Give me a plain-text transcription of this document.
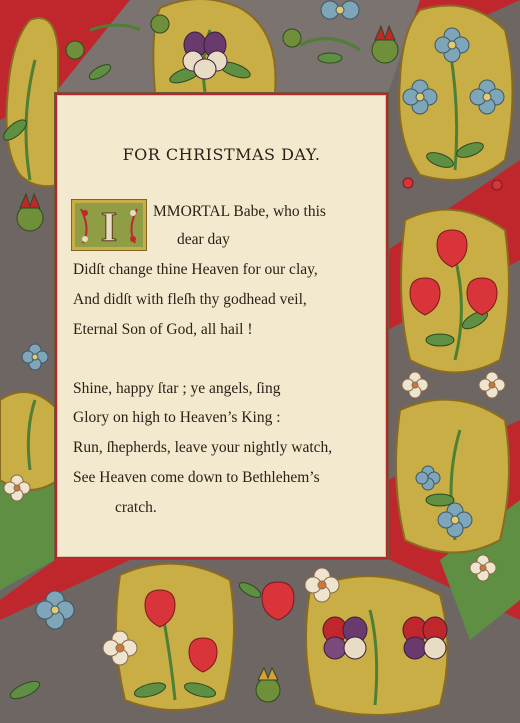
FOR CHRISTMAS DAY.
I MMORTAL Babe, who this
dear day
Didſt change thine Heaven for our clay,
And didſt with fleſh thy godhead veil,
Eternal Son of God, all hail !
Shine, happy ſtar ; ye angels, ſing
Glory on high to Heaven’s King :
Run, ſhepherds, leave your nightly watch,
See Heaven come down to Bethlehem’s
cratch.
